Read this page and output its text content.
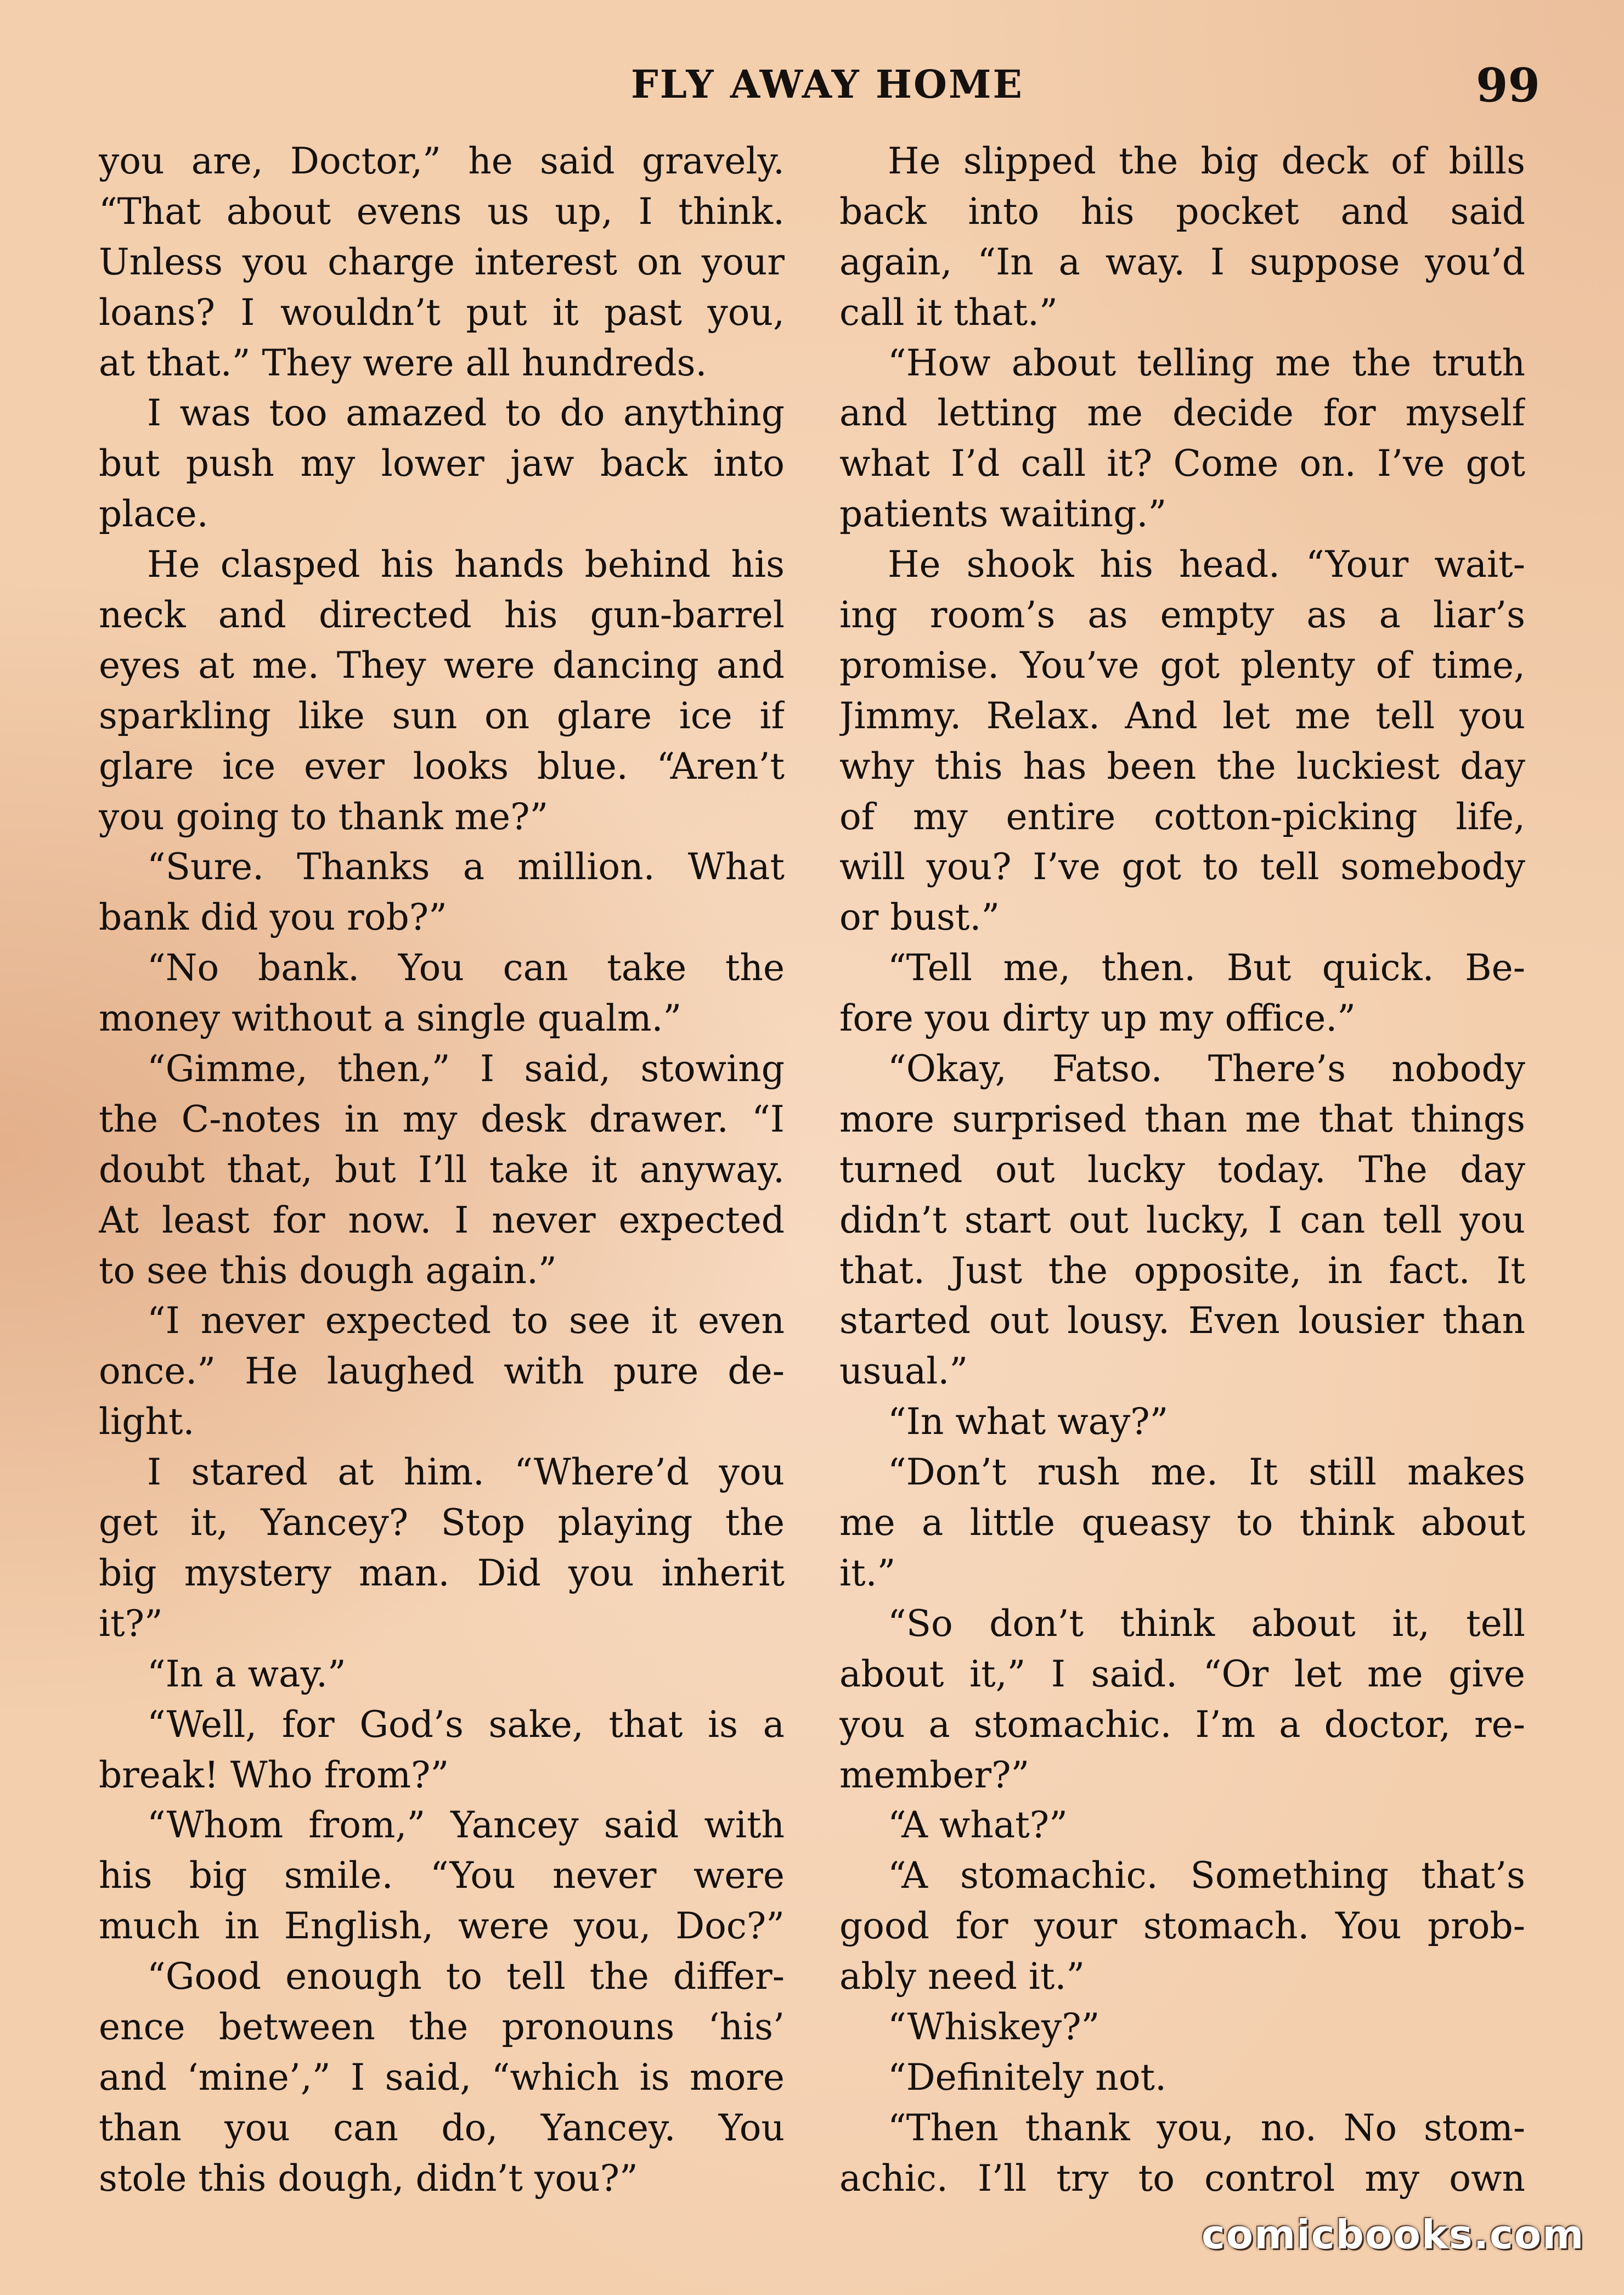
FLY AWAY HOME	99
you are, Doctor,” he said gravely.
“That about evens us up, I think.
Unless you charge interest on your
loans? I wouldn’t put it past you,
at that.” They were all hundreds.
I was too amazed to do anything
but push my lower jaw back into
place.
He clasped his hands behind his
neck and directed his gun-barrel
eyes at me. They were dancing and
sparkling like sun on glare ice if
glare ice ever looks blue. “Aren’t
you going to thank me?”
“Sure. Thanks a million. What
bank did you rob?”
“No bank. You can take the
money without a single qualm.”
“Gimme, then,” I said, stowing
the C-notes in my desk drawer. “I
doubt that, but I’ll take it anyway.
At least for now. I never expected
to see this dough again.”
“I never expected to see it even
once.” He laughed with pure de-
light.
I stared at him. “Where’d you
get it, Yancey? Stop playing the
big mystery man. Did you inherit
it?”
“In a way.”
“Well, for God’s sake, that is a
break! Who from?”
“Whom from,” Yancey said with
his big smile. “You never were
much in English, were you, Doc?”
“Good enough to tell the differ-
ence between the pronouns ‘his’
and ‘mine’,” I said, “which is more
than you can do, Yancey. You
stole this dough, didn’t you?”
He slipped the big deck of bills
back into his pocket and said
again, “In a way. I suppose you’d
call it that.”
“How about telling me the truth
and letting me decide for myself
what I’d call it? Come on. I’ve got
patients waiting.”
He shook his head. “Your wait-
ing room’s as empty as a liar’s
promise. You’ve got plenty of time,
Jimmy. Relax. And let me tell you
why this has been the luckiest day
of my entire cotton-picking life,
will you? I’ve got to tell somebody
or bust.”
“Tell me, then. But quick. Be-
fore you dirty up my office.”
“Okay, Fatso. There’s nobody
more surprised than me that things
turned out lucky today. The day
didn’t start out lucky, I can tell you
that. Just the opposite, in fact. It
started out lousy. Even lousier than
usual.”
“In what way?”
“Don’t rush me. It still makes
me a little queasy to think about
it.”
“So don’t think about it, tell
about it,” I said. “Or let me give
you a stomachic. I’m a doctor, re-
member?”
“A what?”
“A stomachic. Something that’s
good for your stomach. You prob-
ably need it.”
“Whiskey?”
“Definitely not.
“Then thank you, no. No stom-
achic. I’ll try to control my own
comicbooks.com
